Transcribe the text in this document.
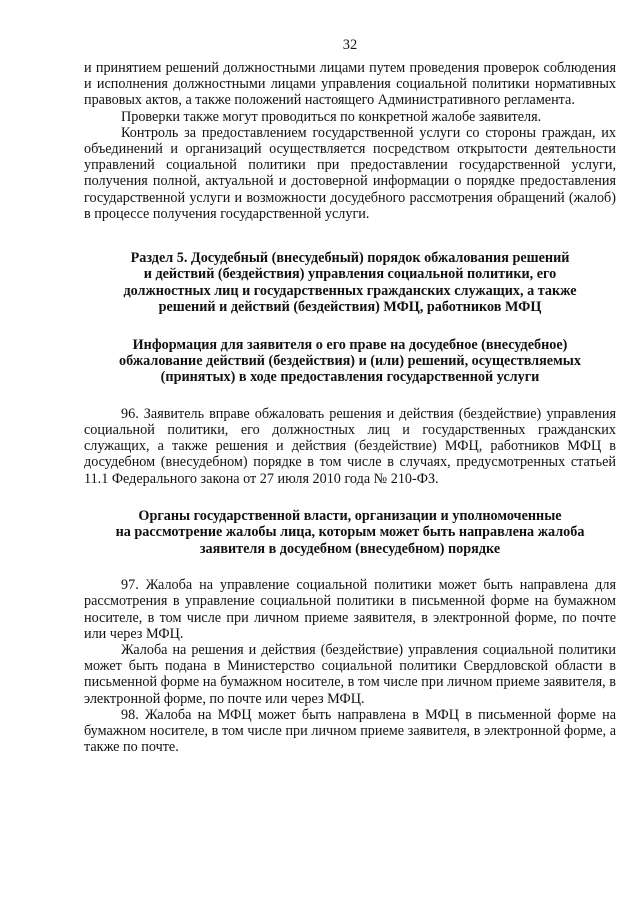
32

и принятием решений должностными лицами путем проведения проверок соблюдения и исполнения должностными лицами управления социальной политики нормативных правовых актов, а также положений настоящего Административного регламента.

Проверки также могут проводиться по конкретной жалобе заявителя.

Контроль за предоставлением государственной услуги со стороны граждан, их объединений и организаций осуществляется посредством открытости деятельности управлений социальной политики при предоставлении государственной услуги, получения полной, актуальной и достоверной информации о порядке предоставления государственной услуги и возможности досудебного рассмотрения обращений (жалоб) в процессе получения государственной услуги.

Раздел 5. Досудебный (внесудебный) порядок обжалования решений
и действий (бездействия) управления социальной политики, его
должностных лиц и государственных гражданских служащих, а также
решений и действий (бездействия) МФЦ, работников МФЦ
Информация для заявителя о его праве на досудебное (внесудебное)
обжалование действий (бездействия) и (или) решений, осуществляемых
(принятых) в ходе предоставления государственной услуги

96. Заявитель вправе обжаловать решения и действия (бездействие) управления социальной политики, его должностных лиц и государственных гражданских служащих, а также решения и действия (бездействие) МФЦ, работников МФЦ в досудебном (внесудебном) порядке в том числе в случаях, предусмотренных статьей 11.1 Федерального закона от 27 июля 2010 года № 210-ФЗ.

Органы государственной власти, организации и уполномоченные
на рассмотрение жалобы лица, которым может быть направлена жалоба
заявителя в досудебном (внесудебном) порядке

97. Жалоба на управление социальной политики может быть направлена для рассмотрения в управление социальной политики в письменной форме на бумажном носителе, в том числе при личном приеме заявителя, в электронной форме, по почте или через МФЦ.

Жалоба на решения и действия (бездействие) управления социальной политики может быть подана в Министерство социальной политики Свердловской области в письменной форме на бумажном носителе, в том числе при личном приеме заявителя, в электронной форме, по почте или через МФЦ.

98. Жалоба на МФЦ может быть направлена в МФЦ в письменной форме на бумажном носителе, в том числе при личном приеме заявителя, в электронной форме, а также по почте.
